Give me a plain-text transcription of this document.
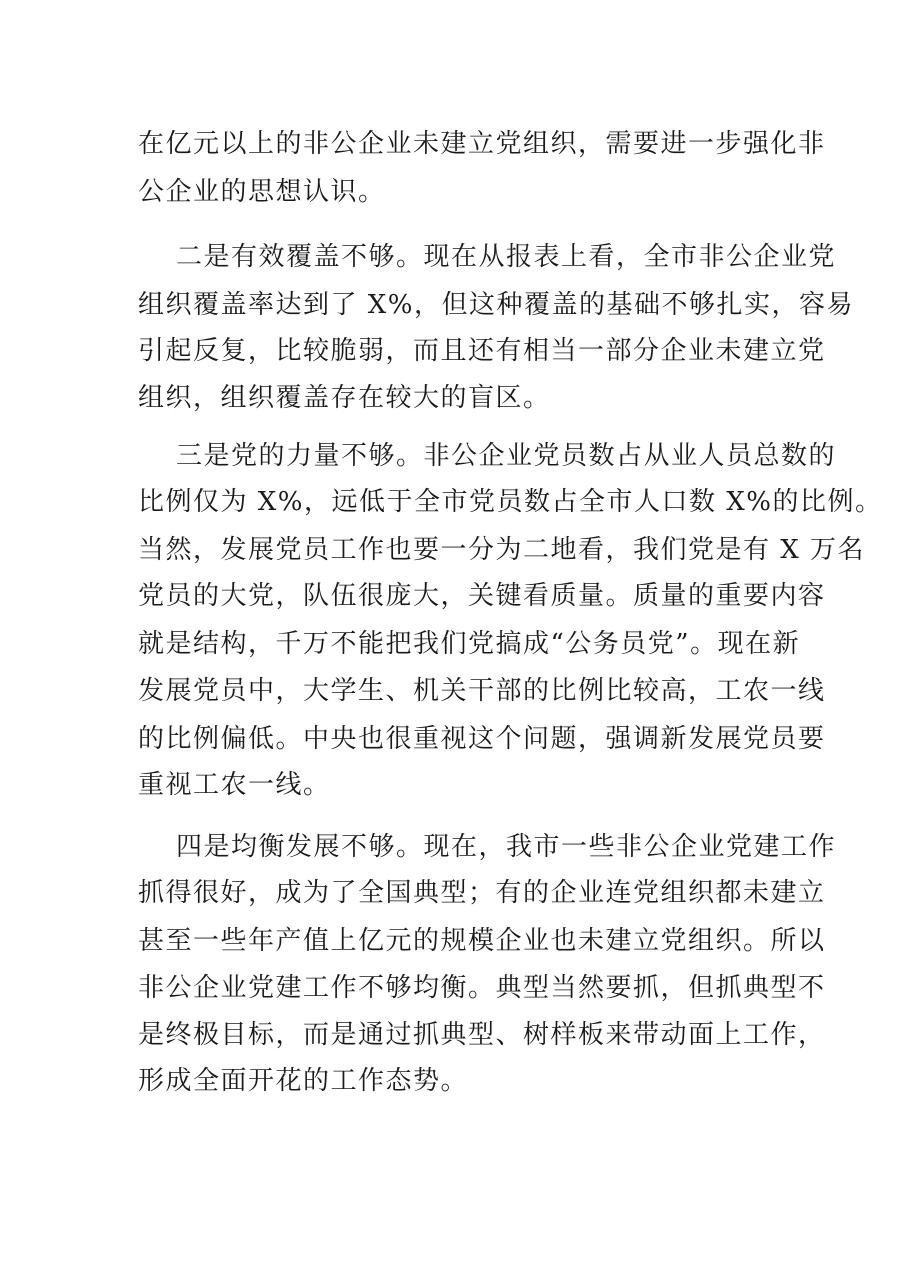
在亿元以上的非公企业未建立党组织，需要进一步强化非

公企业的思想认识。

二是有效覆盖不够。现在从报表上看，全市非公企业党

组织覆盖率达到了 X%，但这种覆盖的基础不够扎实，容易

引起反复，比较脆弱，而且还有相当一部分企业未建立党

组织，组织覆盖存在较大的盲区。

三是党的力量不够。非公企业党员数占从业人员总数的

比例仅为 X%，远低于全市党员数占全市人口数 X%的比例。

当然，发展党员工作也要一分为二地看，我们党是有 X 万名

党员的大党，队伍很庞大，关键看质量。质量的重要内容

就是结构，千万不能把我们党搞成“公务员党”。现在新

发展党员中，大学生、机关干部的比例比较高，工农一线

的比例偏低。中央也很重视这个问题，强调新发展党员要

重视工农一线。

四是均衡发展不够。现在，我市一些非公企业党建工作

抓得很好，成为了全国典型；有的企业连党组织都未建立

甚至一些年产值上亿元的规模企业也未建立党组织。所以

非公企业党建工作不够均衡。典型当然要抓，但抓典型不

是终极目标，而是通过抓典型、树样板来带动面上工作，

形成全面开花的工作态势。
